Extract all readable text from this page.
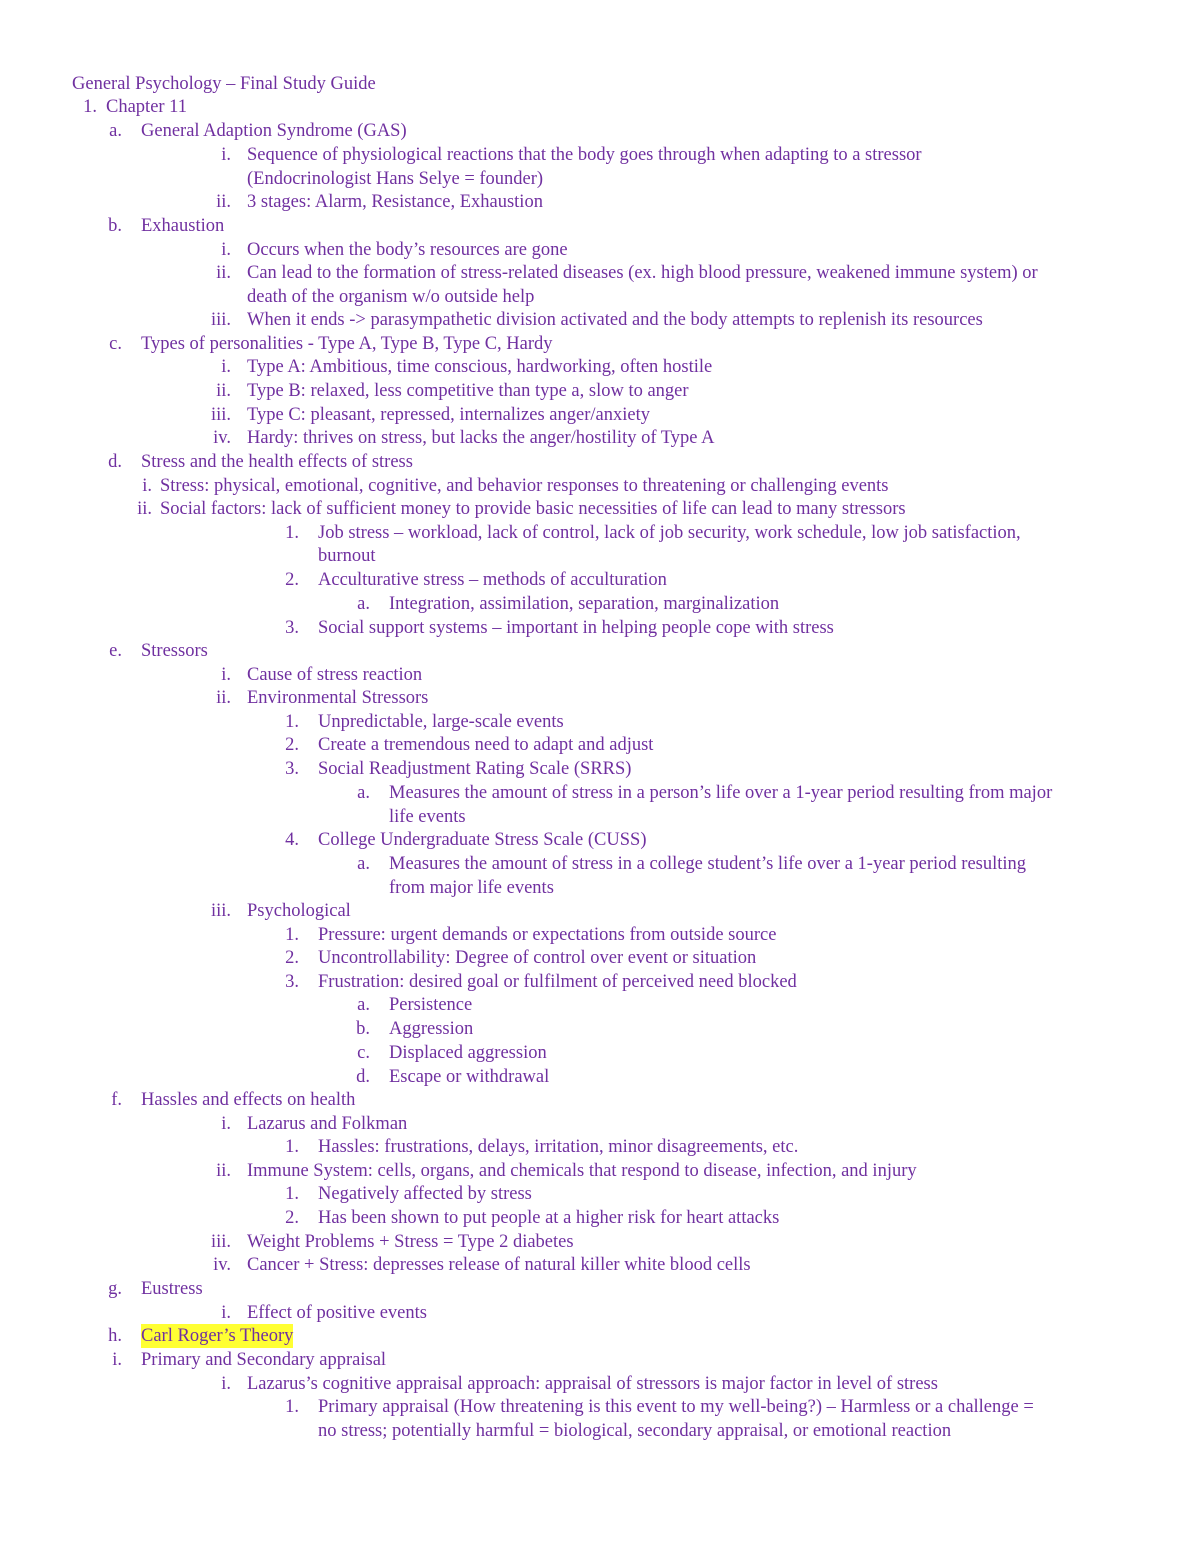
General Psychology – Final Study Guide
1. Chapter 11
a. General Adaption Syndrome (GAS)
i. Sequence of physiological reactions that the body goes through when adapting to a stressor
(Endocrinologist Hans Selye = founder)
ii. 3 stages: Alarm, Resistance, Exhaustion
b. Exhaustion
i. Occurs when the body’s resources are gone
ii. Can lead to the formation of stress-related diseases (ex. high blood pressure, weakened immune system) or
death of the organism w/o outside help
iii. When it ends -> parasympathetic division activated and the body attempts to replenish its resources
c. Types of personalities - Type A, Type B, Type C, Hardy
i. Type A: Ambitious, time conscious, hardworking, often hostile
ii. Type B: relaxed, less competitive than type a, slow to anger
iii. Type C: pleasant, repressed, internalizes anger/anxiety
iv. Hardy: thrives on stress, but lacks the anger/hostility of Type A
d. Stress and the health effects of stress
i. Stress: physical, emotional, cognitive, and behavior responses to threatening or challenging events
ii. Social factors: lack of sufficient money to provide basic necessities of life can lead to many stressors
1. Job stress – workload, lack of control, lack of job security, work schedule, low job satisfaction,
burnout
2. Acculturative stress – methods of acculturation
a. Integration, assimilation, separation, marginalization
3. Social support systems – important in helping people cope with stress
e. Stressors
i. Cause of stress reaction
ii. Environmental Stressors
1. Unpredictable, large-scale events
2. Create a tremendous need to adapt and adjust
3. Social Readjustment Rating Scale (SRRS)
a. Measures the amount of stress in a person’s life over a 1-year period resulting from major
life events
4. College Undergraduate Stress Scale (CUSS)
a. Measures the amount of stress in a college student’s life over a 1-year period resulting
from major life events
iii. Psychological
1. Pressure: urgent demands or expectations from outside source
2. Uncontrollability: Degree of control over event or situation
3. Frustration: desired goal or fulfilment of perceived need blocked
a. Persistence
b. Aggression
c. Displaced aggression
d. Escape or withdrawal
f. Hassles and effects on health
i. Lazarus and Folkman
1. Hassles: frustrations, delays, irritation, minor disagreements, etc.
ii. Immune System: cells, organs, and chemicals that respond to disease, infection, and injury
1. Negatively affected by stress
2. Has been shown to put people at a higher risk for heart attacks
iii. Weight Problems + Stress = Type 2 diabetes
iv. Cancer + Stress: depresses release of natural killer white blood cells
g. Eustress
i. Effect of positive events
h. Carl Roger’s Theory
i. Primary and Secondary appraisal
i. Lazarus’s cognitive appraisal approach: appraisal of stressors is major factor in level of stress
1. Primary appraisal (How threatening is this event to my well-being?) – Harmless or a challenge =
no stress; potentially harmful = biological, secondary appraisal, or emotional reaction
